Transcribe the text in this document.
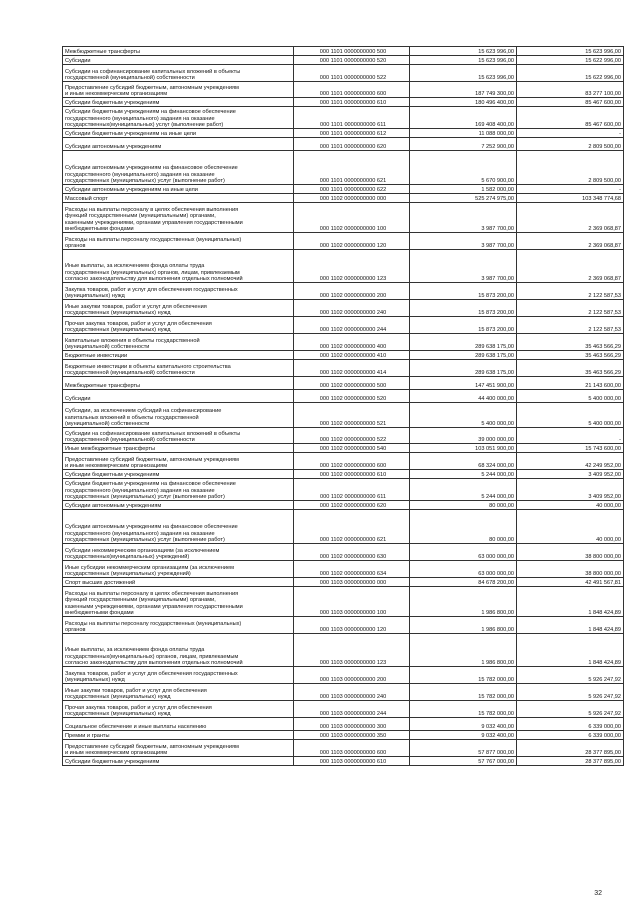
Межбюджетные трансферты	000 1101 0000000000 500	15 623 996,00	15 623 996,00

Субсидии	000 1101 0000000000 520	15 623 996,00	15 622 996,00

Субсидии на софинансирование капитальных вложений в объекты
государственной (муниципальной) собственности	000 1101 0000000000 522	15 623 996,00	15 622 996,00

Предоставление субсидий бюджетным, автономным учреждениям
и иным некоммерческим организациям	000 1101 0000000000 600	187 749 300,00	83 277 100,00

Субсидии бюджетным учреждениям	000 1101 0000000000 610	180 496 400,00	85 467 600,00

Субсидии бюджетным учреждениям на финансовое обеспечение
государственного (муниципального) задания на оказание
государственных(муниципальных) услуг (выполнение работ)	000 1101 0000000000 611	169 408 400,00	85 467 600,00

Субсидии бюджетным учреждениям на иные цели	000 1101 0000000000 612	11 088 000,00	-

Субсидии автономным учреждениям	000 1101 0000000000 620	7 252 900,00	2 809 500,00

Субсидии автономным учреждениям на финансовое обеспечение
государственного (муниципального) задания на оказание
государственных (муниципальных) услуг (выполнение работ)	000 1101 0000000000 621	5 670 900,00	2 809 500,00

Субсидии автономным учреждениям на иные цели	000 1101 0000000000 622	1 582 000,00	-

Массовый спорт	000 1102 0000000000 000	525 274 975,00	103 348 774,68

Расходы на выплаты персоналу в целях обеспечения выполнения
функций государственными (муниципальными) органами,
казенными учреждениями, органами управления государственными
внебюджетными фондами	000 1102 0000000000 100	3 987 700,00	2 369 068,87

Расходы на выплаты персоналу государственных (муниципальных)
органов	000 1102 0000000000 120	3 987 700,00	2 369 068,87

Иные выплаты, за исключением фонда оплаты труда
государственных (муниципальных) органов, лицам, привлекаемым
согласно законодательству для выполнения отдельных полномочий	000 1102 0000000000 123	3 987 700,00	2 369 068,87

Закупка товаров, работ и услуг для обеспечения государственных
(муниципальных) нужд	000 1102 0000000000 200	15 873 200,00	2 122 587,53

Иные закупки товаров, работ и услуг для обеспечения
государственных (муниципальных) нужд	000 1102 0000000000 240	15 873 200,00	2 122 587,53

Прочая закупка товаров, работ и услуг для обеспечения
государственных (муниципальных) нужд	000 1102 0000000000 244	15 873 200,00	2 122 587,53

Капитальные вложения в объекты государственной
(муниципальной) собственности	000 1102 0000000000 400	289 638 175,00	35 463 566,29

Бюджетные инвестиции	000 1102 0000000000 410	289 638 175,00	35 463 566,29

Бюджетные инвестиции в объекты капитального строительства
государственной (муниципальной) собственности	000 1102 0000000000 414	289 638 175,00	35 463 566,29

Межбюджетные трансферты	000 1102 0000000000 500	147 451 900,00	21 143 600,00

Субсидии	000 1102 0000000000 520	44 400 000,00	5 400 000,00

Субсидии, за исключением субсидий на софинансирование
капитальных вложений в объекты государственной
(муниципальной) собственности	000 1102 0000000000 521	5 400 000,00	5 400 000,00

Субсидии на софинансирование капитальных вложений в объекты
государственной (муниципальной) собственности	000 1102 0000000000 522	39 000 000,00	-

Иные межбюджетные трансферты	000 1102 0000000000 540	103 051 900,00	15 743 600,00

Предоставление субсидий бюджетным, автономным учреждениям
и иным некоммерческим организациям	000 1102 0000000000 600	68 324 000,00	42 249 952,00

Субсидии бюджетным учреждениям	000 1102 0000000000 610	5 244 000,00	3 409 952,00

Субсидии бюджетным учреждениям на финансовое обеспечение
государственного (муниципального) задания на оказание
государственных (муниципальных) услуг (выполнение работ)	000 1102 0000000000 611	5 244 000,00	3 409 952,00

Субсидии автономным учреждениям	000 1102 0000000000 620	80 000,00	40 000,00

Субсидии автономным учреждениям на финансовое обеспечение
государственного (муниципального) задания на оказание
государственных (муниципальных) услуг (выполнение работ)	000 1102 0000000000 621	80 000,00	40 000,00

Субсидии некоммерческим организациям (за исключением
государственных(муниципальных) учреждений)	000 1102 0000000000 630	63 000 000,00	38 800 000,00

Иные субсидии некоммерческим организациям (за исключением
государственных (муниципальных) учреждений)	000 1102 0000000000 634	63 000 000,00	38 800 000,00

Спорт высших достижений	000 1103 0000000000 000	84 678 200,00	42 491 567,81

Расходы на выплаты персоналу в целях обеспечения выполнения
функций государственными (муниципальными) органами,
казенными учреждениями, органами управления государственными
внебюджетными фондами	000 1103 0000000000 100	1 986 800,00	1 848 424,89

Расходы на выплаты персоналу государственных (муниципальных)
органов	000 1103 0000000000 120	1 986 800,00	1 848 424,89

Иные выплаты, за исключением фонда оплаты труда
государственных(муниципальных) органов, лицам, привлекаемым
согласно законодательству для выполнения отдельных полномочий	000 1103 0000000000 123	1 986 800,00	1 848 424,89

Закупка товаров, работ и услуг для обеспечения государственных
(муниципальных) нужд	000 1103 0000000000 200	15 782 000,00	5 926 247,92

Иные закупки товаров, работ и услуг для обеспечения
государственных (муниципальных) нужд	000 1103 0000000000 240	15 782 000,00	5 926 247,92

Прочая закупка товаров, работ и услуг для обеспечения
государственных (муниципальных) нужд	000 1103 0000000000 244	15 782 000,00	5 926 247,92

Социальное обеспечение и иные выплаты населению	000 1103 0000000000 300	9 032 400,00	6 339 000,00

Премии и гранты	000 1103 0000000000 350	9 032 400,00	6 339 000,00

Предоставление субсидий бюджетным, автономным учреждениям
и иным некоммерческим организациям	000 1103 0000000000 600	57 877 000,00	28 377 895,00

Субсидии бюджетным учреждениям	000 1103 0000000000 610	57 767 000,00	28 377 895,00
32
